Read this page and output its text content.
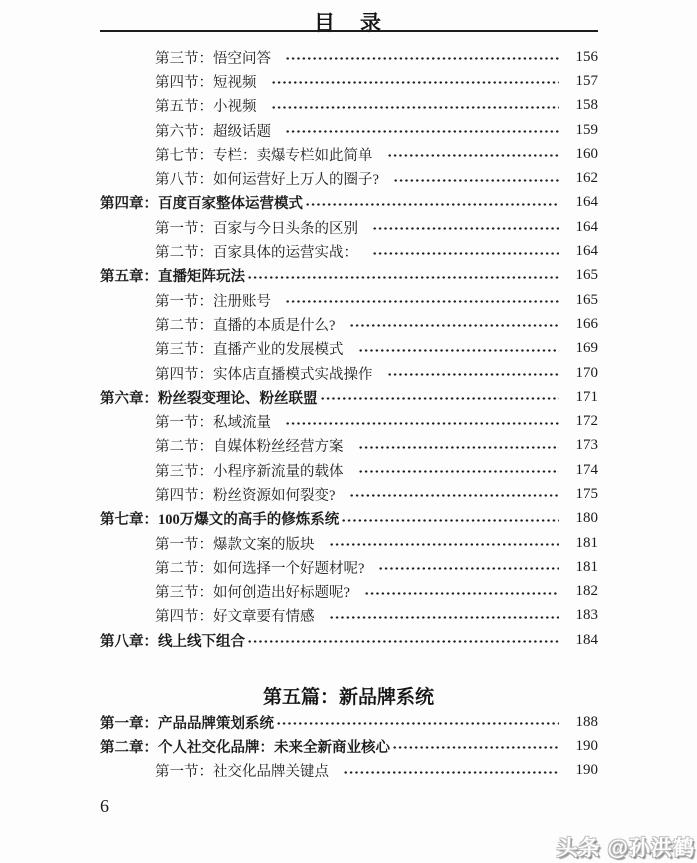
目　录
第三节：悟空问答	156
第四节：短视频	157
第五节：小视频	158
第六节：超级话题	159
第七节：专栏：卖爆专栏如此简单	160
第八节：如何运营好上万人的圈子?	162
第四章：百度百家整体运营模式	164
第一节：百家与今日头条的区别	164
第二节：百家具体的运营实战：	164
第五章：直播矩阵玩法	165
第一节：注册账号	165
第二节：直播的本质是什么?	166
第三节：直播产业的发展模式	169
第四节：实体店直播模式实战操作	170
第六章：粉丝裂变理论、粉丝联盟	171
第一节：私域流量	172
第二节：自媒体粉丝经营方案	173
第三节：小程序新流量的载体	174
第四节：粉丝资源如何裂变?	175
第七章：100万爆文的高手的修炼系统	180
第一节：爆款文案的版块	181
第二节：如何选择一个好题材呢?	181
第三节：如何创造出好标题呢?	182
第四节：好文章要有情感	183
第八章：线上线下组合	184
第五篇：新品牌系统
第一章：产品品牌策划系统	188
第二章：个人社交化品牌：未来全新商业核心	190
第一节：社交化品牌关键点	190
6
头条 @孙洪鹤
